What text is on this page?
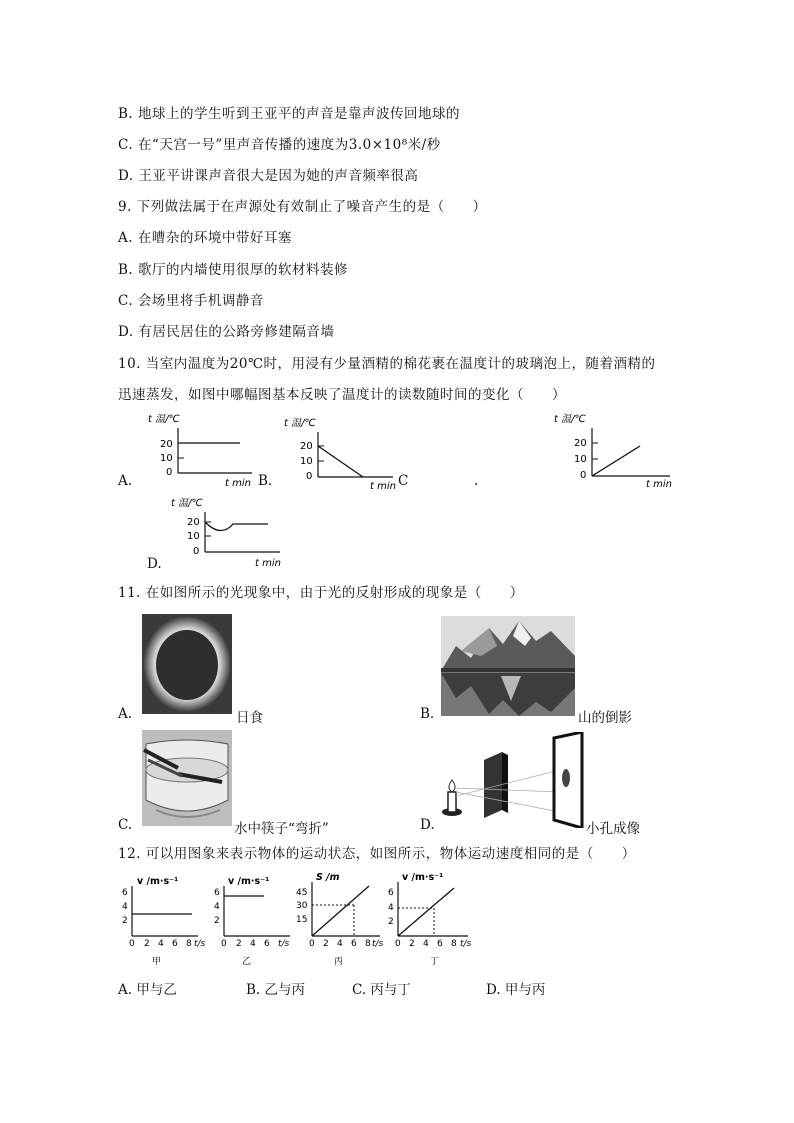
B. 地球上的学生听到王亚平的声音是靠声波传回地球的
C. 在“天宫一号”里声音传播的速度为3.0×10⁸米/秒
D. 王亚平讲课声音很大是因为她的声音频率很高
9. 下列做法属于在声源处有效制止了噪音产生的是（　　）
A. 在嘈杂的环境中带好耳塞
B. 歌厅的内墙使用很厚的软材料装修
C. 会场里将手机调静音
D. 有居民居住的公路旁修建隔音墙
10. 当室内温度为20℃时，用浸有少量酒精的棉花裹在温度计的玻璃泡上，随着酒精的
迅速蒸发，如图中哪幅图基本反映了温度计的读数随时间的变化（　　）
A.
t 温/℃
20
10
0
t min B.
t 温/℃
20
10
0
t min C	.
t 温/℃
20
10
0
t min
t 温/℃
20
10
0
t min
D.
11. 在如图所示的光现象中，由于光的反射形成的现象是（　　）
A.	日食	B.	山的倒影
C.	水中筷子“弯折”	D.	小孔成像
12. 可以用图象来表示物体的运动状态，如图所示，物体运动速度相同的是（　　）
v /m·s⁻¹
6
4
2
0 2 4 6 8 t/s
甲
v /m·s⁻¹
6
4
2
0 2 4 6 t/s
乙
S /m
45
30
15
0 2 4 6 8 t/s
丙
v /m·s⁻¹
6
4
2
0 2 4 6 8 t/s
丁
A. 甲与乙	B. 乙与丙	C. 丙与丁	D. 甲与丙
